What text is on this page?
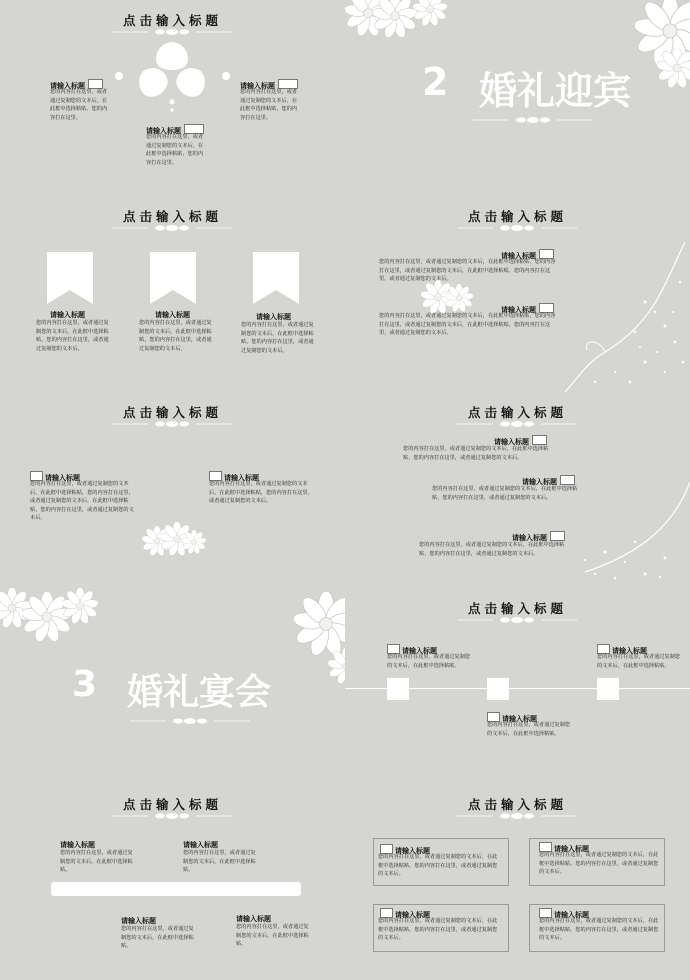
点击输入标题
请输入标题
您的内容打在这里，或者通过复制您的文本后，在此框中选择粘贴，您的内容打在这里。
请输入标题
您的内容打在这里，或者通过复制您的文本后，在此框中选择粘贴，您的内容打在这里。
请输入标题
您的内容打在这里，或者通过复制您的文本后，在此框中选择粘贴，您的内容打在这里。
2 婚礼迎宾
点击输入标题
请输入标题
您的内容打在这里，或者通过复制您的文本后，在此框中选择粘贴，您的内容打在这里，或者通过复制您的文本后。
请输入标题
您的内容打在这里，或者通过复制您的文本后，在此框中选择粘贴，您的内容打在这里，或者通过复制您的文本后。
请输入标题
您的内容打在这里，或者通过复制您的文本后，在此框中选择粘贴，您的内容打在这里，或者通过复制您的文本后。
点击输入标题
请输入标题
您的内容打在这里，或者通过复制您的文本后，在此框中选择粘贴，您的内容打在这里，或者通过复制您的文本后，在此框中选择粘贴，您的内容打在这里，或者通过复制您的文本后。
请输入标题
您的内容打在这里，或者通过复制您的文本后，在此框中选择粘贴，您的内容打在这里，或者通过复制您的文本后，在此框中选择粘贴，您的内容打在这里，或者通过复制您的文本后。
点击输入标题
请输入标题
您的内容打在这里，或者通过复制您的文本后，在此框中选择粘贴，您的内容打在这里，或者通过复制您的文本后，在此框中选择粘贴，您的内容打在这里，或者通过复制您的文本后。
请输入标题
您的内容打在这里，或者通过复制您的文本后，在此框中选择粘贴，您的内容打在这里，或者通过复制您的文本后。
点击输入标题
请输入标题
您的内容打在这里，或者通过复制您的文本后，在此框中选择粘贴，您的内容打在这里，或者通过复制您的文本后。
请输入标题
您的内容打在这里，或者通过复制您的文本后，在此框中选择粘贴，您的内容打在这里，或者通过复制您的文本后。
请输入标题
您的内容打在这里，或者通过复制您的文本后，在此框中选择粘贴，您的内容打在这里，或者通过复制您的文本后。
3 婚礼宴会
点击输入标题
请输入标题
您的内容打在这里，或者通过复制您的文本后，在此框中选择粘贴。
请输入标题
您的内容打在这里，或者通过复制您的文本后，在此框中选择粘贴。
请输入标题
您的内容打在这里，或者通过复制您的文本后，在此框中选择粘贴。
点击输入标题
请输入标题
您的内容打在这里，或者通过复制您的文本后，在此框中选择粘贴。
请输入标题
您的内容打在这里，或者通过复制您的文本后，在此框中选择粘贴。
请输入标题
您的内容打在这里，或者通过复制您的文本后，在此框中选择粘贴。
请输入标题
您的内容打在这里，或者通过复制您的文本后，在此框中选择粘贴。
点击输入标题
请输入标题
您的内容打在这里，或者通过复制您的文本后，在此框中选择粘贴，您的内容打在这里，或者通过复制您的文本后。
请输入标题
您的内容打在这里，或者通过复制您的文本后，在此框中选择粘贴，您的内容打在这里，或者通过复制您的文本后。
请输入标题
您的内容打在这里，或者通过复制您的文本后，在此框中选择粘贴，您的内容打在这里，或者通过复制您的文本后。
请输入标题
您的内容打在这里，或者通过复制您的文本后，在此框中选择粘贴，您的内容打在这里，或者通过复制您的文本后。
